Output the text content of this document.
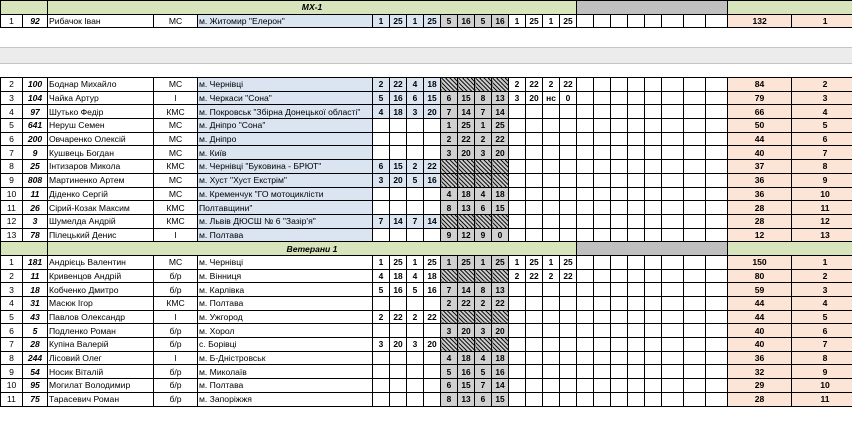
		МХ-1																								
1	92	Рибачок Іван	МС	м. Житомир "Елерон"	1	25	1	25	5	16	5	16	1	25	1	25									132	1
2	100	Боднар Михайло	МС	м. Чернівці	2	22	4	18					2	22	2	22									84	2
3	104	Чайка Артур	І	м. Черкаси "Сона"	5	16	6	15	6	15	8	13	3	20	нс	0									79	3
4	97	Шутько Федір	КМС	м. Покровськ "Збірна Донецької області"	4	18	3	20	7	14	7	14													66	4
5	641	Неруш Семен	МС	м. Дніпро "Сона"					1	25	1	25													50	5
6	200	Овчаренко Олексій	МС	м. Дніпро					2	22	2	22													44	6
7	9	Кушвець Богдан	МС	м. Київ					3	20	3	20													40	7
8	25	Інтизаров Микола	КМС	м. Чернівці "Буковина - БРЮТ"	6	15	2	22																	37	8
9	808	Мартиненко Артем	МС	м. Хуст "Хуст Екстрім"	3	20	5	16																	36	9
10	11	Діденко Сергій	МС	м. Кременчук "ГО мотоциклісти					4	18	4	18													36	10
11	26	Сірий-Козак Максим	КМС	Полтавщини"					8	13	6	15													28	11
12	3	Шумелда Андрій	КМС	м. Львів ДЮСШ № 6 "Зазір'я"	7	14	7	14																	28	12
13	78	Пілецький Денис	І	м. Полтава					9	12	9	0													12	13
		Ветерани 1																								
1	181	Андрієць Валентин	МС	м. Чернівці	1	25	1	25	1	25	1	25	1	25	1	25									150	1
2	11	Кривенцов Андрій	б/р	м. Вінниця	4	18	4	18					2	22	2	22									80	2
3	18	Кобченко Дмитро	б/р	м. Карлівка	5	16	5	16	7	14	8	13													59	3
4	31	Масюк Ігор	КМС	м. Полтава					2	22	2	22													44	4
5	43	Павлов Олександр	І	м. Ужгород	2	22	2	22																	44	5
6	5	Подленко Роман	б/р	м. Хорол					3	20	3	20													40	6
7	28	Купіна Валерій	б/р	с. Борівці	3	20	3	20																	40	7
8	244	Лісовий Олег	І	м. Б-Дністровськ					4	18	4	18													36	8
9	54	Носик Віталій	б/р	м. Миколаїв					5	16	5	16													32	9
10	95	Могилат Володимир	б/р	м. Полтава					6	15	7	14													29	10
11	75	Тарасевич Роман	б/р	м. Запоріжжя					8	13	6	15													28	11
